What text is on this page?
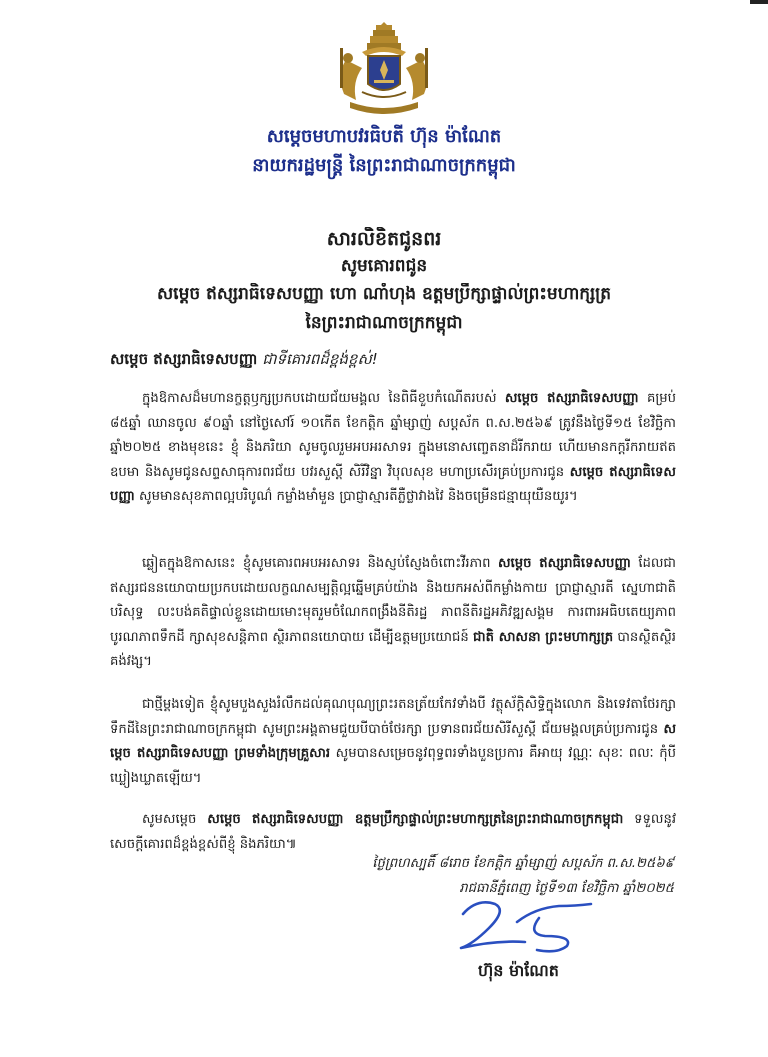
សម្តេចមហាបវរធិបតី ហ៊ុន ម៉ាណែត
នាយករដ្ឋមន្ត្រី នៃព្រះរាជាណាចក្រកម្ពុជា
សារលិខិតជូនពរ
សូមគោរពជូន
សម្តេច ឥស្សរាធិទេសបញ្ញា ហោ ណាំហុង ឧត្តមប្រឹក្សាផ្ទាល់ព្រះមហាក្សត្រ
នៃព្រះរាជាណាចក្រកម្ពុជា
សម្តេច ឥស្សរាធិទេសបញ្ញា ជាទីគោរពដ៏ខ្ពង់ខ្ពស់!

ក្នុងឱកាសដ៏មហានក្ខត្តឫក្សប្រកបដោយជ័យមង្គល នៃពិធីខួបកំណើតរបស់ សម្តេច ឥស្សរាធិទេសបញ្ញា គម្រប់ ៨៥ឆ្នាំ ឈានចូល ៩០ឆ្នាំ នៅថ្ងៃសៅរ៍ ១០កើត ខែកត្តិក ឆ្នាំម្សាញ់ សប្តស័ក ព.ស.២៥៦៩ ត្រូវនឹងថ្ងៃទី១៥ ខែវិច្ឆិកា ឆ្នាំ២០២៥ ខាងមុខនេះ ខ្ញុំ និងភរិយា សូមចូលរួមអបអរសាទរ ក្នុងមនោសញ្ចេតនាដ៏រីករាយ ហើយមានកក្តរីករាយឥតឧបមា និងសូមជូនសព្ទសាធុការពរជ័យ បវរសួស្តី សិរីវិន្នា វិបុលសុខ មហាប្រសើរគ្រប់ប្រការជូន សម្តេច ឥស្សរាធិទេសបញ្ញា សូមមានសុខភាពល្អបរិបូណ៌ កម្លាំងមាំមួន ប្រាជ្ញាស្មារតីភ្លឺថ្លាវាងវៃ និងចម្រើនជន្មាយុយឺនយូរ។

ឆ្លៀតក្នុងឱកាសនេះ ខ្ញុំសូមគោរពអបអរសាទរ និងស្ញប់ស្ញែងចំពោះវីរភាព សម្តេច ឥស្សរាធិទេសបញ្ញា ដែលជាឥស្សរជននយោបាយប្រកបដោយលក្ខណសម្បត្តិល្អឆ្នើមគ្រប់យ៉ាង និងយកអស់ពីកម្លាំងកាយ ប្រាជ្ញាស្មារតី ស្នេហាជាតិបរិសុទ្ធ លះបង់គតិផ្ទាល់ខ្លួនដោយមោះមុតរួមចំណែកពង្រឹងនីតិរដ្ឋ ភាពនីតិរដ្ឋអភិវឌ្ឍសង្គម ការពារអធិបតេយ្យភាព បូរណភាពទឹកដី ក្សាសុខសន្តិភាព ស្ថិរភាពនយោបាយ ដើម្បីឧត្តមប្រយោជន៍ ជាតិ សាសនា ព្រះមហាក្សត្រ បានស្ថិតស្ថិរគង់វង្ស។

ជាថ្មីម្តងទៀត ខ្ញុំសូមបួងសួងរំលឹកដល់គុណបុណ្យព្រះរតនត្រ័យកែវទាំងបី វត្ថុស័ក្តិសិទ្ធិក្នុងលោក និងទេវតាថែរក្សាទឹកដីនៃព្រះរាជាណាចក្រកម្ពុជា សូមព្រះអង្គតាមជួយបីបាច់ថែរក្សា ប្រទានពរជ័យសិរីសួស្តី ជ័យមង្គលគ្រប់ប្រការជូន សម្តេច ឥស្សរាធិទេសបញ្ញា ព្រមទាំងក្រុមគ្រួសារ សូមបានសម្រេចនូវពុទ្ធពរទាំងបួនប្រការ គឺអាយុ វណ្ណៈ សុខៈ ពលៈ កុំបីឃ្លៀងឃ្លាតឡើយ។

សូមសម្តេច សម្តេច ឥស្សរាធិទេសបញ្ញា ឧត្តមប្រឹក្សាផ្ទាល់ព្រះមហាក្សត្រនៃព្រះរាជាណាចក្រកម្ពុជា ទទួលនូវសេចក្តីគោរពដ៏ខ្ពង់ខ្ពស់ពីខ្ញុំ និងភរិយា៕

ថ្ងៃព្រហស្បតិ៍ ៨រោច ខែកត្តិក ឆ្នាំម្សាញ់ សប្តស័ក ព.ស.២៥៦៩
រាជធានីភ្នំពេញ ថ្ងៃទី១៣ ខែវិច្ឆិកា ឆ្នាំ២០២៥
ហ៊ុន ម៉ាណែត
